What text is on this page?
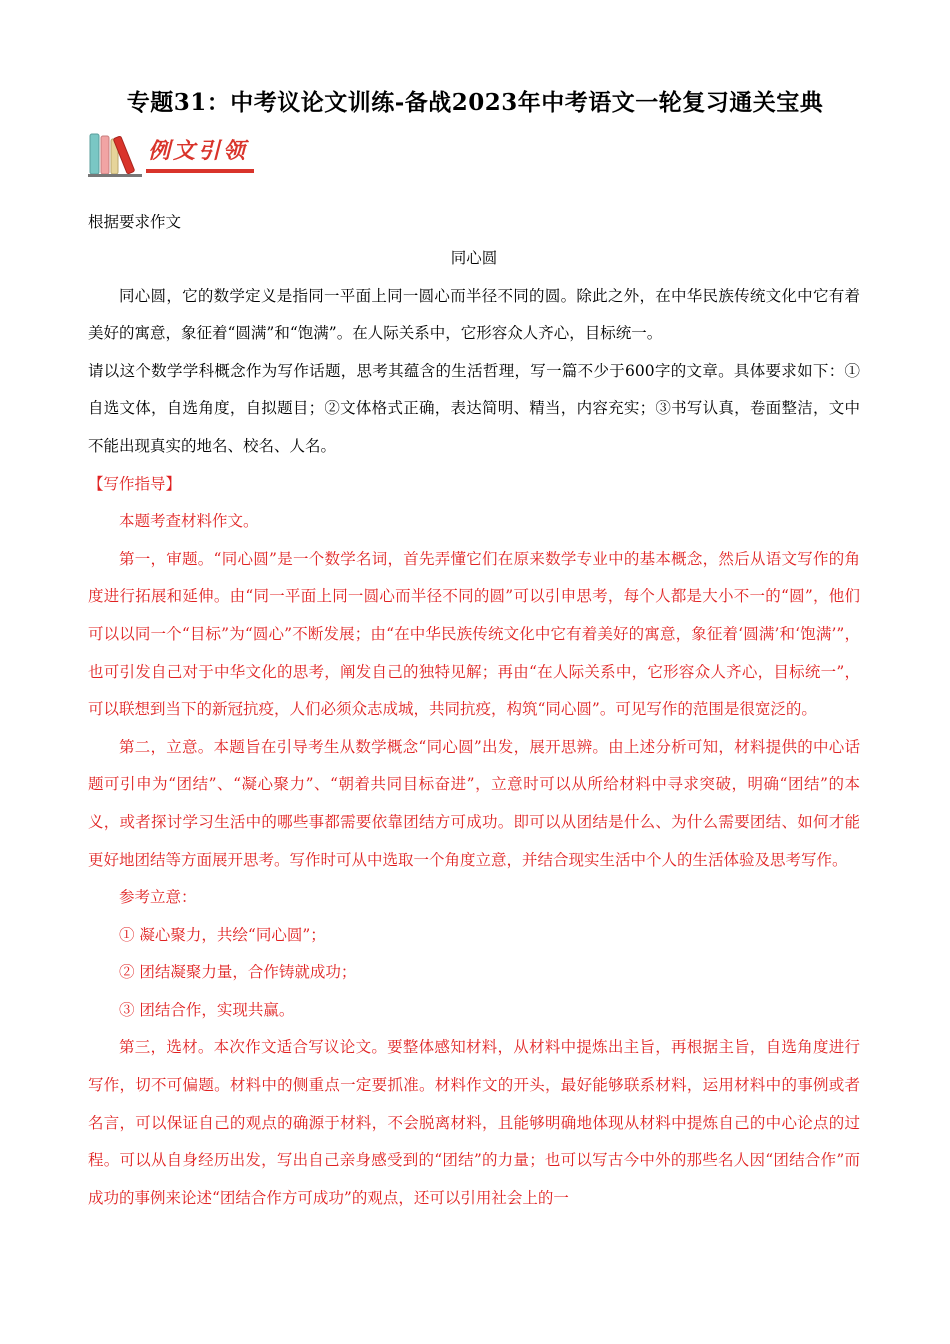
专题31：中考议论文训练-备战2023年中考语文一轮复习通关宝典
例文引领

根据要求作文

同心圆

同心圆，它的数学定义是指同一平面上同一圆心而半径不同的圆。除此之外，在中华民族传统文化中它有着美好的寓意，象征着“圆满”和“饱满”。在人际关系中，它形容众人齐心，目标统一。

请以这个数学学科概念作为写作话题，思考其蕴含的生活哲理，写一篇不少于600字的文章。具体要求如下：①自选文体，自选角度，自拟题目；②文体格式正确，表达简明、精当，内容充实；③书写认真，卷面整洁，文中不能出现真实的地名、校名、人名。

【写作指导】

本题考查材料作文。

第一，审题。“同心圆”是一个数学名词，首先弄懂它们在原来数学专业中的基本概念，然后从语文写作的角度进行拓展和延伸。由“同一平面上同一圆心而半径不同的圆”可以引申思考，每个人都是大小不一的“圆”，他们可以以同一个“目标”为“圆心”不断发展；由“在中华民族传统文化中它有着美好的寓意，象征着‘圆满’和‘饱满’”，也可引发自己对于中华文化的思考，阐发自己的独特见解；再由“在人际关系中，它形容众人齐心，目标统一”，可以联想到当下的新冠抗疫，人们必须众志成城，共同抗疫，构筑“同心圆”。可见写作的范围是很宽泛的。

第二，立意。本题旨在引导考生从数学概念“同心圆”出发，展开思辨。由上述分析可知，材料提供的中心话题可引申为“团结”、“凝心聚力”、“朝着共同目标奋进”，立意时可以从所给材料中寻求突破，明确“团结”的本义，或者探讨学习生活中的哪些事都需要依靠团结方可成功。即可以从团结是什么、为什么需要团结、如何才能更好地团结等方面展开思考。写作时可从中选取一个角度立意，并结合现实生活中个人的生活体验及思考写作。

参考立意：

① 凝心聚力，共绘“同心圆”；

② 团结凝聚力量，合作铸就成功；

③ 团结合作，实现共赢。

第三，选材。本次作文适合写议论文。要整体感知材料，从材料中提炼出主旨，再根据主旨，自选角度进行写作，切不可偏题。材料中的侧重点一定要抓准。材料作文的开头，最好能够联系材料，运用材料中的事例或者名言，可以保证自己的观点的确源于材料，不会脱离材料，且能够明确地体现从材料中提炼自己的中心论点的过程。可以从自身经历出发，写出自己亲身感受到的“团结”的力量；也可以写古今中外的那些名人因“团结合作”而成功的事例来论述“团结合作方可成功”的观点，还可以引用社会上的一
